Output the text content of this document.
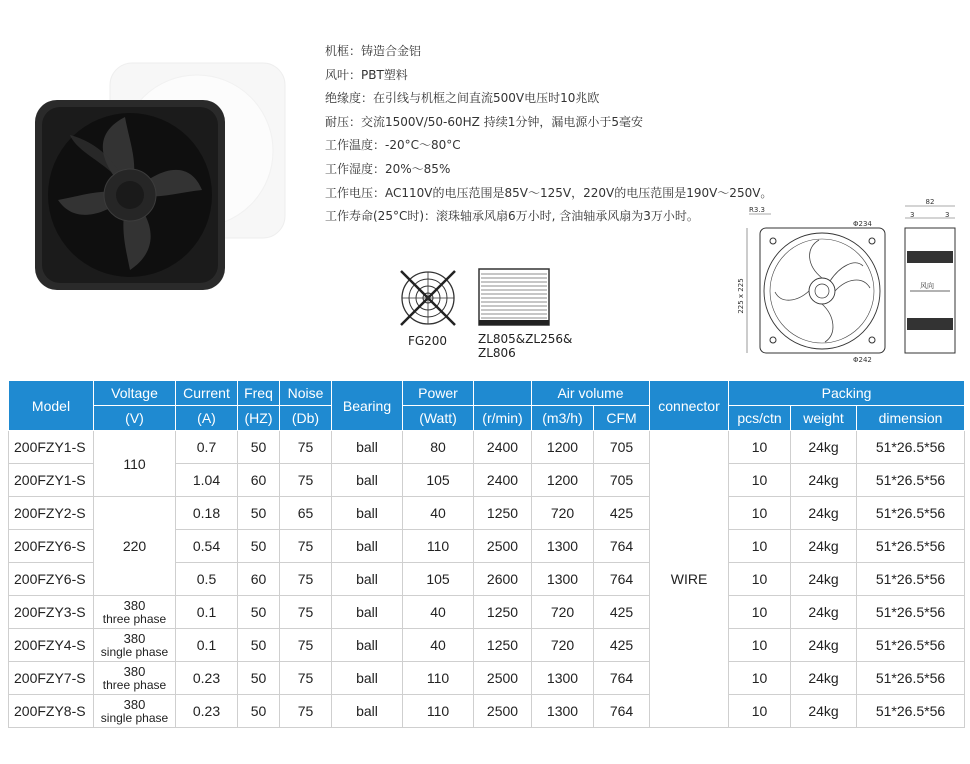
机框：铸造合金铝
风叶：PBT塑料
绝缘度：在引线与机框之间直流500V电压时10兆欧
耐压：交流1500V/50-60HZ 持续1分钟，漏电源小于5毫安
工作温度：-20°C～80°C
工作湿度：20%～85%
工作电压：AC110V的电压范围是85V～125V，220V的电压范围是190V～250V。
工作寿命(25°C时)：滚珠轴承风扇6万小时, 含油轴承风扇为3万小时。
FG200	ZL805&ZL256&
ZL806
225 x 225
R3.3
Φ234
Φ242
82
3	3
风向
Model	Voltage	Current	Freq	Noise	Bearing	Power		Air volume		connector	Packing		
	(V)	(A)	(HZ)	(Db)		(Watt)	(r/min)	(m3/h)	CFM		pcs/ctn	weight	dimension
200FZY1-S	110	0.7	50	75	ball	80	2400	1200	705	WIRE	10	24kg	51*26.5*56
200FZY1-S		1.04	60	75	ball	105	2400	1200	705		10	24kg	51*26.5*56
200FZY2-S	220	0.18	50	65	ball	40	1250	720	425		10	24kg	51*26.5*56
200FZY6-S		0.54	50	75	ball	110	2500	1300	764		10	24kg	51*26.5*56
200FZY6-S		0.5	60	75	ball	105	2600	1300	764		10	24kg	51*26.5*56
200FZY3-S	380
three phase	0.1	50	75	ball	40	1250	720	425		10	24kg	51*26.5*56
200FZY4-S	380
single phase	0.1	50	75	ball	40	1250	720	425		10	24kg	51*26.5*56
200FZY7-S	380
three phase	0.23	50	75	ball	110	2500	1300	764		10	24kg	51*26.5*56
200FZY8-S	380
single phase	0.23	50	75	ball	110	2500	1300	764		10	24kg	51*26.5*56
